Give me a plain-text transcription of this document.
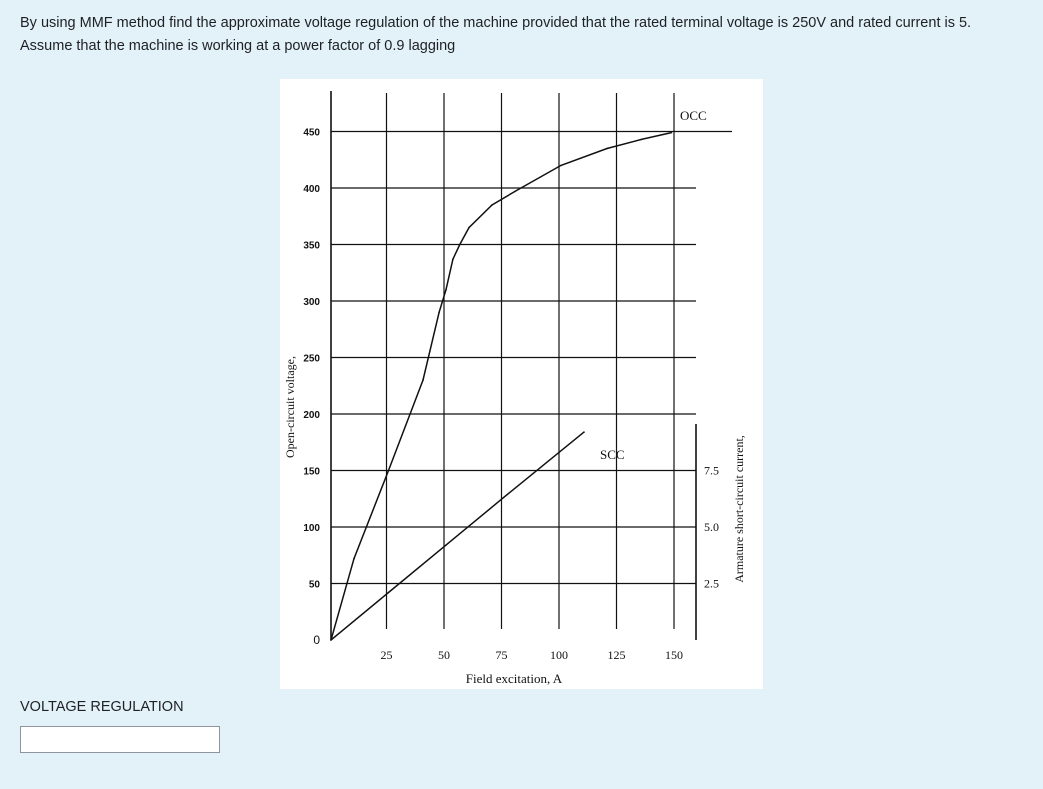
By using MMF method find the approximate voltage regulation of the machine provided that the rated terminal voltage is 250V and rated current is 5.

Assume that the machine is working at a power factor of 0.9 lagging

0
50
100
150
200
250
300
350
400
450
2.5
5.0
7.5
25	50	75	100	125	150
Field excitation, A
Open-circuit voltage,
Armature short-circuit current,
OCC
SCC
VOLTAGE REGULATION
